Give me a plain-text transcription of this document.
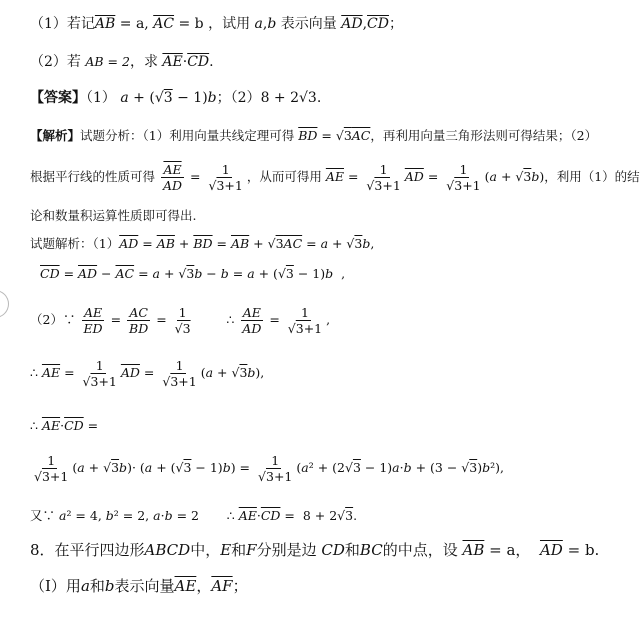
（1）若记$\overline{AB} = a$, $\overline{AC} = b$ ，试用 a,b 表示向量 $\overline{AD},\overline{CD}$；
（2）若 AB = 2，求 $\overline{AE}\cdot\overline{CD}$.
【答案】（1） a + (√3 − 1)b；（2）8 + 2√3.
【解析】试题分析：（1）利用向量共线定理可得 $\overline{BD} = √3\overline{AC}$，再利用向量三角形法则可得结果；（2）
根据平行线的性质可得 $\frac{\overline{AE}}{AD} = \frac{1}{√3+1}$ ，从而可得用 $\overline{AE} = \frac{1}{√3+1} \overline{AD} = \frac{1}{√3+1} (a + √3b)$，利用（1）的结
论和数量积运算性质即可得出.
试题解析：$(1)\overline{AD} = \overline{AB} + \overline{BD} = \overline{AB} + √3\overline{AC} = a + √3b$,
$\overline{CD} = \overline{AD} - \overline{AC} = a + √3b - b = a + (√3 - 1)b$  ,
（2）∵ $\frac{AE}{ED} = \frac{AC}{BD} = \frac{1}{√3}$ ∴ $\frac{AE}{AD} = \frac{1}{√3+1}$ ,
∴ $\overline{AE} = \frac{1}{√3+1} \overline{AD} = \frac{1}{√3+1} (a + √3b)$,
∴ $\overline{AE}\cdot\overline{CD}$ =
$\frac{1}{√3+1} (a + √3b)\cdot (a + (√3 - 1)b) = \frac{1}{√3+1} (a^2 + (2√3 - 1)a\cdot b + (3 - √3)b^2)$,
又∵ a² = 4, b² = 2, a·b = 2       ∴ $\overline{AE}\cdot\overline{CD} = 8 + 2√3$.
8．在平行四边形ABCD中，E和F分别是边 CD和BC的中点，设 $\overline{AB} = a$， $\overline{AD} = b$.
（Ⅰ）用a和b表示向量$\overline{AE}$，$\overline{AF}$；
